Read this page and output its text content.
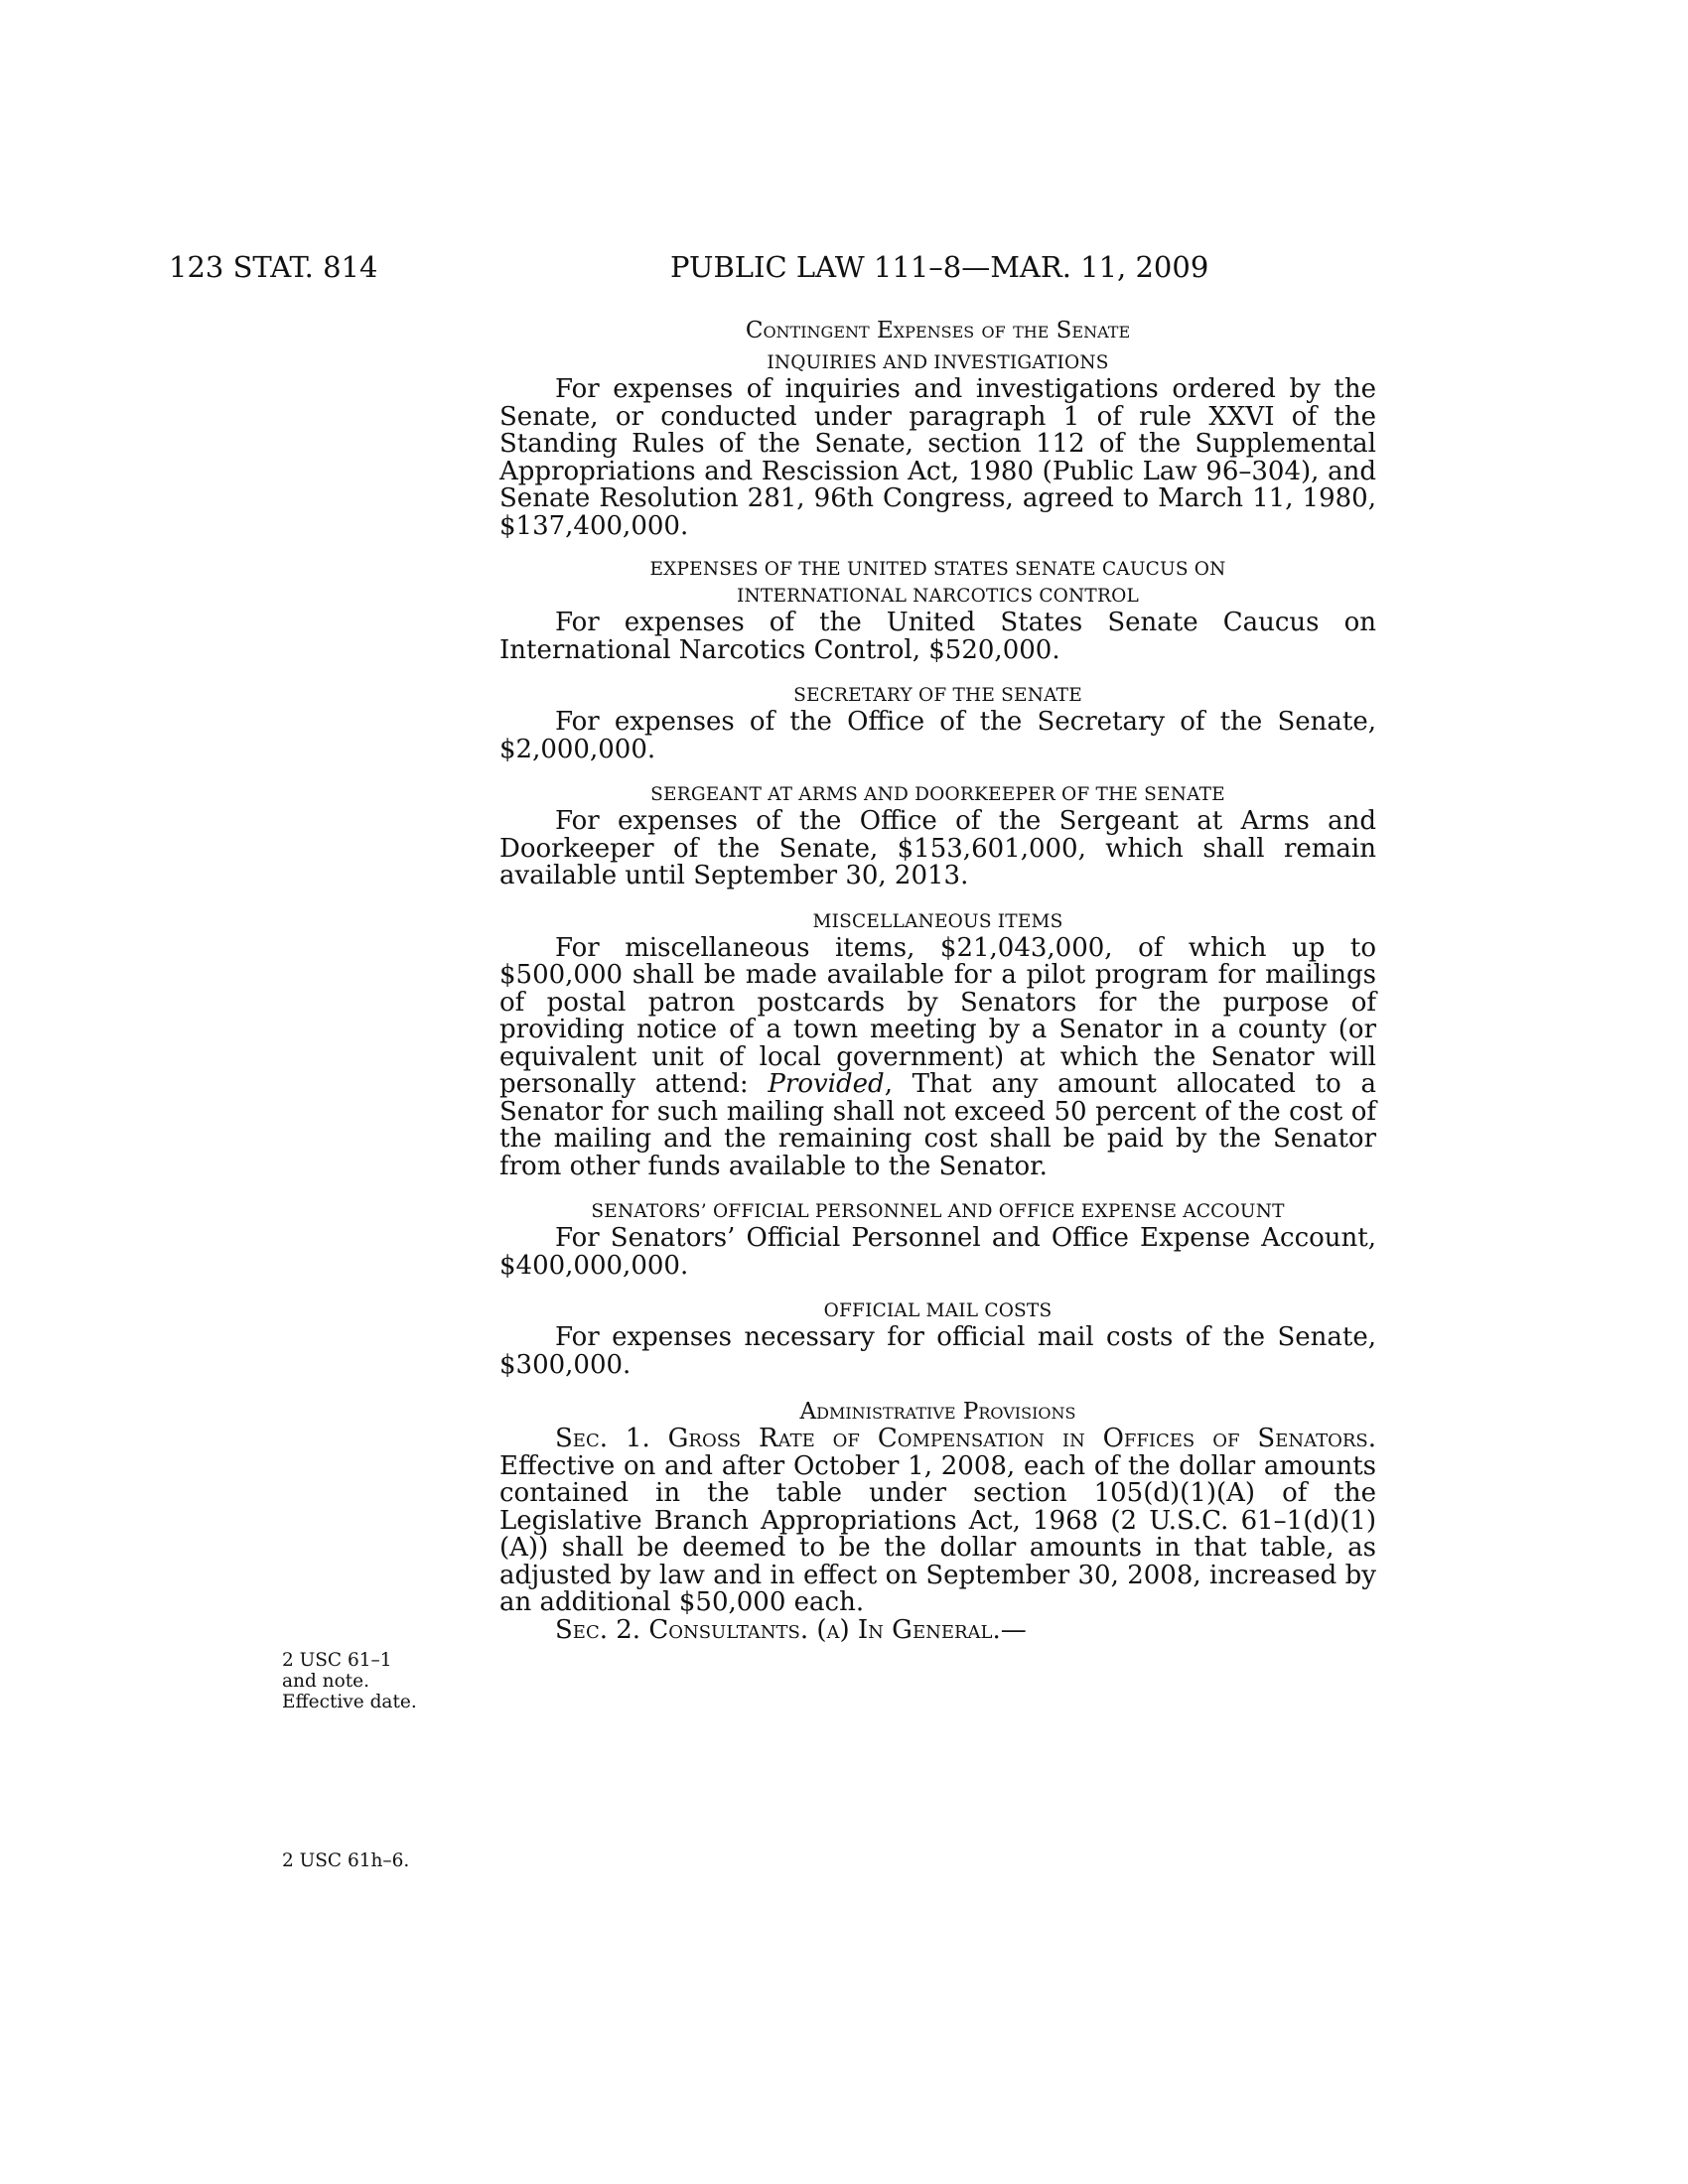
123 STAT. 814	PUBLIC LAW 111–8—MAR. 11, 2009
Contingent Expenses of the Senate
INQUIRIES AND INVESTIGATIONS

For expenses of inquiries and investigations ordered by the Senate, or conducted under paragraph 1 of rule XXVI of the Standing Rules of the Senate, section 112 of the Supplemental Appropriations and Rescission Act, 1980 (Public Law 96–304), and Senate Resolution 281, 96th Congress, agreed to March 11, 1980, $137,400,000.

EXPENSES OF THE UNITED STATES SENATE CAUCUS ON
INTERNATIONAL NARCOTICS CONTROL

For expenses of the United States Senate Caucus on International Narcotics Control, $520,000.

SECRETARY OF THE SENATE

For expenses of the Office of the Secretary of the Senate, $2,000,000.

SERGEANT AT ARMS AND DOORKEEPER OF THE SENATE

For expenses of the Office of the Sergeant at Arms and Doorkeeper of the Senate, $153,601,000, which shall remain available until September 30, 2013.

MISCELLANEOUS ITEMS

For miscellaneous items, $21,043,000, of which up to $500,000 shall be made available for a pilot program for mailings of postal patron postcards by Senators for the purpose of providing notice of a town meeting by a Senator in a county (or equivalent unit of local government) at which the Senator will personally attend: Provided, That any amount allocated to a Senator for such mailing shall not exceed 50 percent of the cost of the mailing and the remaining cost shall be paid by the Senator from other funds available to the Senator.

SENATORS’ OFFICIAL PERSONNEL AND OFFICE EXPENSE ACCOUNT

For Senators’ Official Personnel and Office Expense Account, $400,000,000.

OFFICIAL MAIL COSTS

For expenses necessary for official mail costs of the Senate, $300,000.

Administrative Provisions

Sec. 1. Gross Rate of Compensation in Offices of Senators. Effective on and after October 1, 2008, each of the dollar amounts contained in the table under section 105(d)(1)(A) of the Legislative Branch Appropriations Act, 1968 (2 U.S.C. 61–1(d)(1)(A)) shall be deemed to be the dollar amounts in that table, as adjusted by law and in effect on September 30, 2008, increased by an additional $50,000 each.

Sec. 2. Consultants. (a) In General.—

2 USC 61–1
and note.
Effective date.
2 USC 61h–6.
